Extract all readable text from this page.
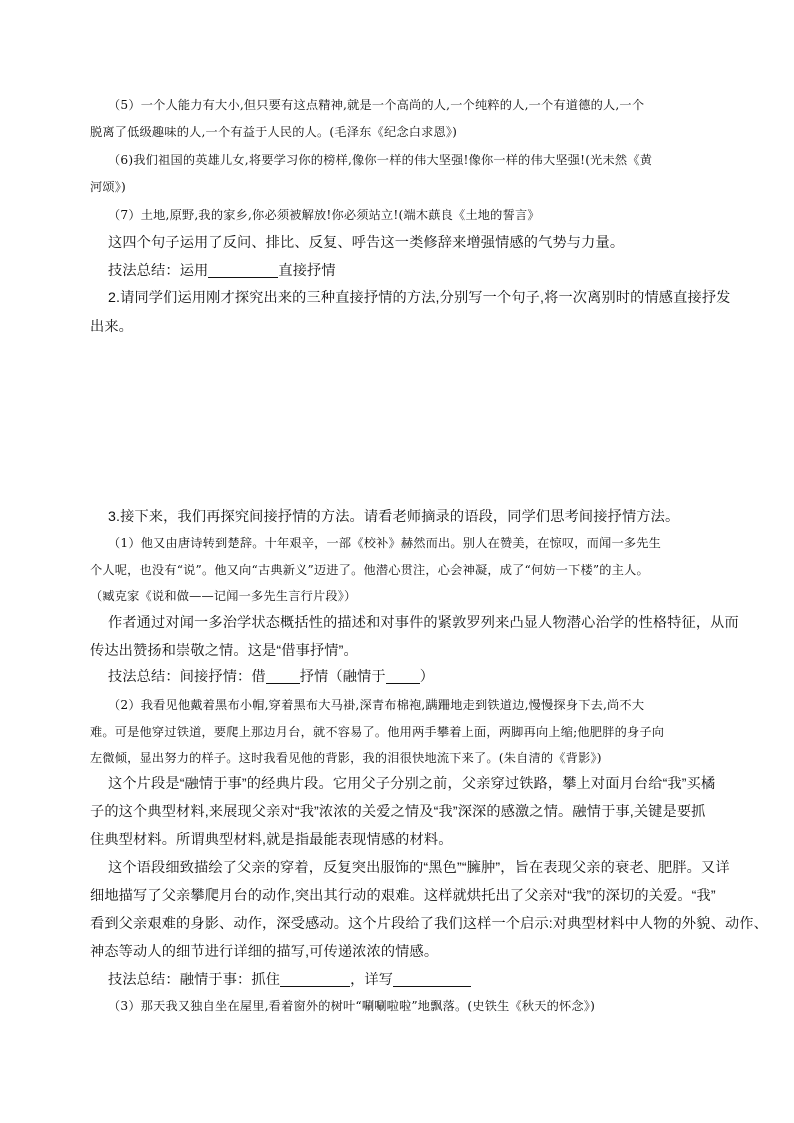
（5）一个人能力有大小,但只要有这点精神,就是一个高尚的人,一个纯粹的人,一个有道德的人,一个
脱离了低级趣味的人,一个有益于人民的人。(毛泽东《纪念白求恩》)
（6)我们祖国的英雄儿女,将要学习你的榜样,像你一样的伟大坚强!像你一样的伟大坚强!(光未然《黄
河颂》)
（7）土地,原野,我的家乡,你必须被解放!你必须站立!(端木蕻良《土地的誓言》
这四个句子运用了反问、排比、反复、呼告这一类修辞来增强情感的气势与力量。
技法总结：运用	直接抒情
2.请同学们运用刚才探究出来的三种直接抒情的方法,分别写一个句子,将一次离别时的情感直接抒发
出来。
3.接下来，我们再探究间接抒情的方法。请看老师摘录的语段，同学们思考间接抒情方法。
（1）他又由唐诗转到楚辞。十年艰辛，一部《校补》赫然而出。别人在赞美，在惊叹，而闻一多先生
个人呢，也没有“说”。他又向“古典新义”迈进了。他潜心贯注，心会神凝，成了“何妨一下楼”的主人。
（臧克家《说和做——记闻一多先生言行片段》）
作者通过对闻一多治学状态概括性的描述和对事件的紧敦罗列来凸显人物潜心治学的性格特征，从而
传达出赞扬和崇敬之情。这是“借事抒情”。
技法总结：间接抒情：借 抒情（融情于 ）
（2）我看见他戴着黑布小帽,穿着黑布大马褂,深青布棉袍,蹒跚地走到铁道边,慢慢探身下去,尚不大
难。可是他穿过铁道，要爬上那边月台，就不容易了。他用两手攀着上面，两脚再向上缩;他肥胖的身子向
左微倾，显出努力的样子。这时我看见他的背影，我的泪很快地流下来了。(朱自清的《背影》)
这个片段是“融情于事”的经典片段。它用父子分别之前，父亲穿过铁路，攀上对面月台给“我”买橘
子的这个典型材料,来展现父亲对“我”浓浓的关爱之情及“我”深深的感激之情。融情于事,关键是要抓
住典型材料。所谓典型材料,就是指最能表现情感的材料。
这个语段细致描绘了父亲的穿着，反复突出服饰的“黑色”“臃肿”，旨在表现父亲的衰老、肥胖。又详
细地描写了父亲攀爬月台的动作,突出其行动的艰难。这样就烘托出了父亲对“我”的深切的关爱。“我”
看到父亲艰难的身影、动作，深受感动。这个片段给了我们这样一个启示:对典型材料中人物的外貌、动作、
神态等动人的细节进行详细的描写,可传递浓浓的情感。
技法总结：融情于事：抓住	，详写
（3）那天我又独自坐在屋里,看着窗外的树叶“唰唰啦啦”地飘落。(史铁生《秋天的怀念》)
